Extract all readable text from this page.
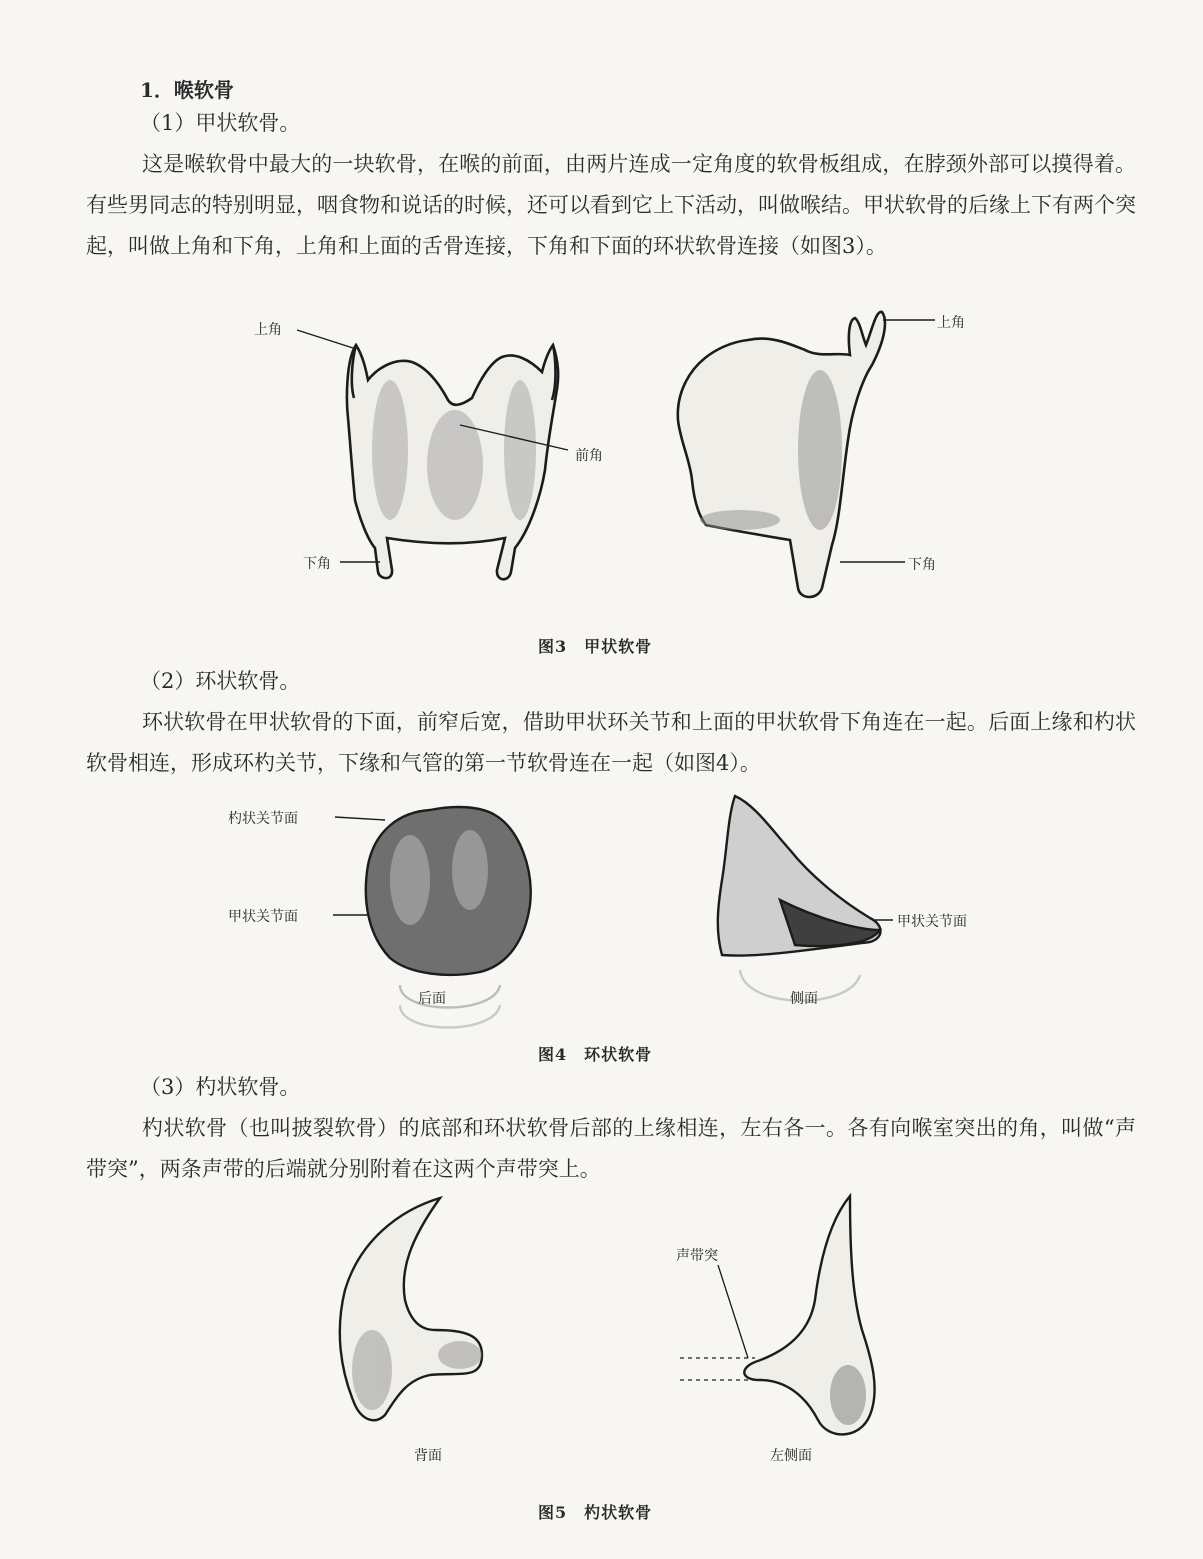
1．喉软骨
（1）甲状软骨。
这是喉软骨中最大的一块软骨，在喉的前面，由两片连成一定角度的软骨板组成，在脖颈外部可以摸得着。有些男同志的特别明显，咽食物和说话的时候，还可以看到它上下活动，叫做喉结。甲状软骨的后缘上下有两个突起，叫做上角和下角，上角和上面的舌骨连接，下角和下面的环状软骨连接（如图3）。
上角
前角
下角
上角
下角
图3　甲状软骨
（2）环状软骨。
环状软骨在甲状软骨的下面，前窄后宽，借助甲状环关节和上面的甲状软骨下角连在一起。后面上缘和杓状软骨相连，形成环杓关节，下缘和气管的第一节软骨连在一起（如图4）。
杓状关节面
甲状关节面
后面
甲状关节面
侧面
图4　环状软骨
（3）杓状软骨。
杓状软骨（也叫披裂软骨）的底部和环状软骨后部的上缘相连，左右各一。各有向喉室突出的角，叫做“声带突”，两条声带的后端就分别附着在这两个声带突上。
声带突
背面	左侧面
图5　杓状软骨
